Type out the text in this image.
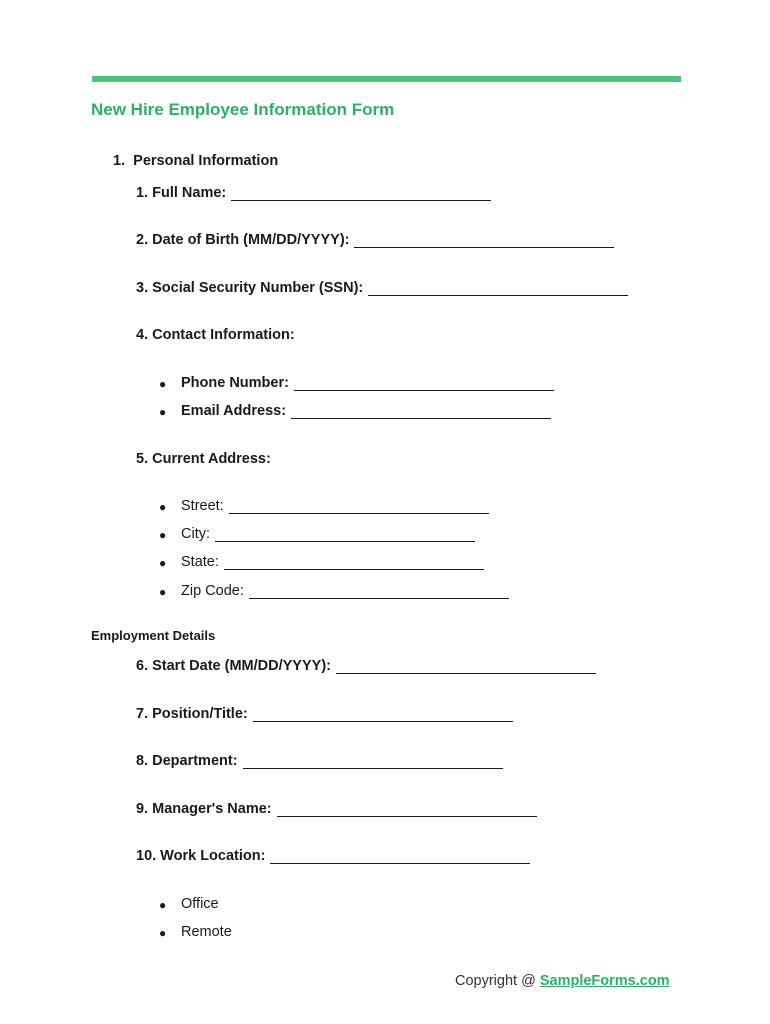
New Hire Employee Information Form
1. Personal Information
1. Full Name:
2. Date of Birth (MM/DD/YYYY):
3. Social Security Number (SSN):
4. Contact Information:
●	Phone Number:
●	Email Address:
5. Current Address:
●	Street:
●	City:
●	State:
●	Zip Code:
Employment Details
6. Start Date (MM/DD/YYYY):
7. Position/Title:
8. Department:
9. Manager's Name:
10. Work Location:
●	Office
●	Remote
Copyright @ SampleForms.com
